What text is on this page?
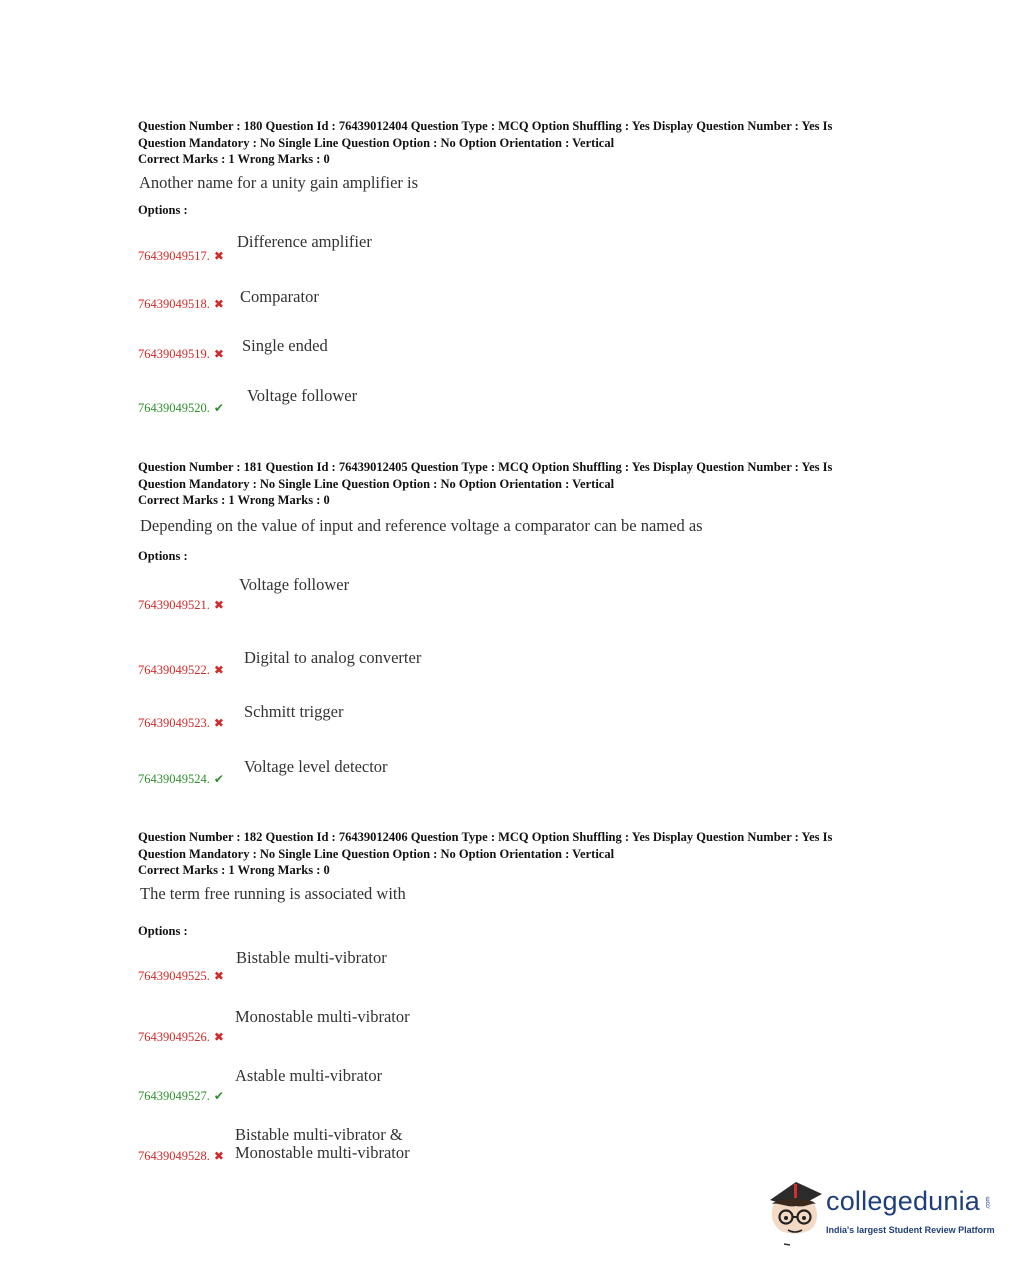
Question Number : 180 Question Id : 76439012404 Question Type : MCQ Option Shuffling : Yes Display Question Number : Yes Is
Question Mandatory : No Single Line Question Option : No Option Orientation : Vertical
Correct Marks : 1 Wrong Marks : 0
Another name for a unity gain amplifier is
Options :
Difference amplifier
76439049517. ✖
Comparator
76439049518. ✖
Single ended
76439049519. ✖
Voltage follower
76439049520. ✔
Question Number : 181 Question Id : 76439012405 Question Type : MCQ Option Shuffling : Yes Display Question Number : Yes Is
Question Mandatory : No Single Line Question Option : No Option Orientation : Vertical
Correct Marks : 1 Wrong Marks : 0
Depending on the value of input and reference voltage a comparator can be named as
Options :
Voltage follower
76439049521. ✖
Digital to analog converter
76439049522. ✖
Schmitt trigger
76439049523. ✖
Voltage level detector
76439049524. ✔
Question Number : 182 Question Id : 76439012406 Question Type : MCQ Option Shuffling : Yes Display Question Number : Yes Is
Question Mandatory : No Single Line Question Option : No Option Orientation : Vertical
Correct Marks : 1 Wrong Marks : 0
The term free running is associated with
Options :
Bistable multi-vibrator
76439049525. ✖
Monostable multi-vibrator
76439049526. ✖
Astable multi-vibrator
76439049527. ✔
Bistable multi-vibrator &
Monostable multi-vibrator
76439049528. ✖
collegedunia .com
India's largest Student Review Platform
